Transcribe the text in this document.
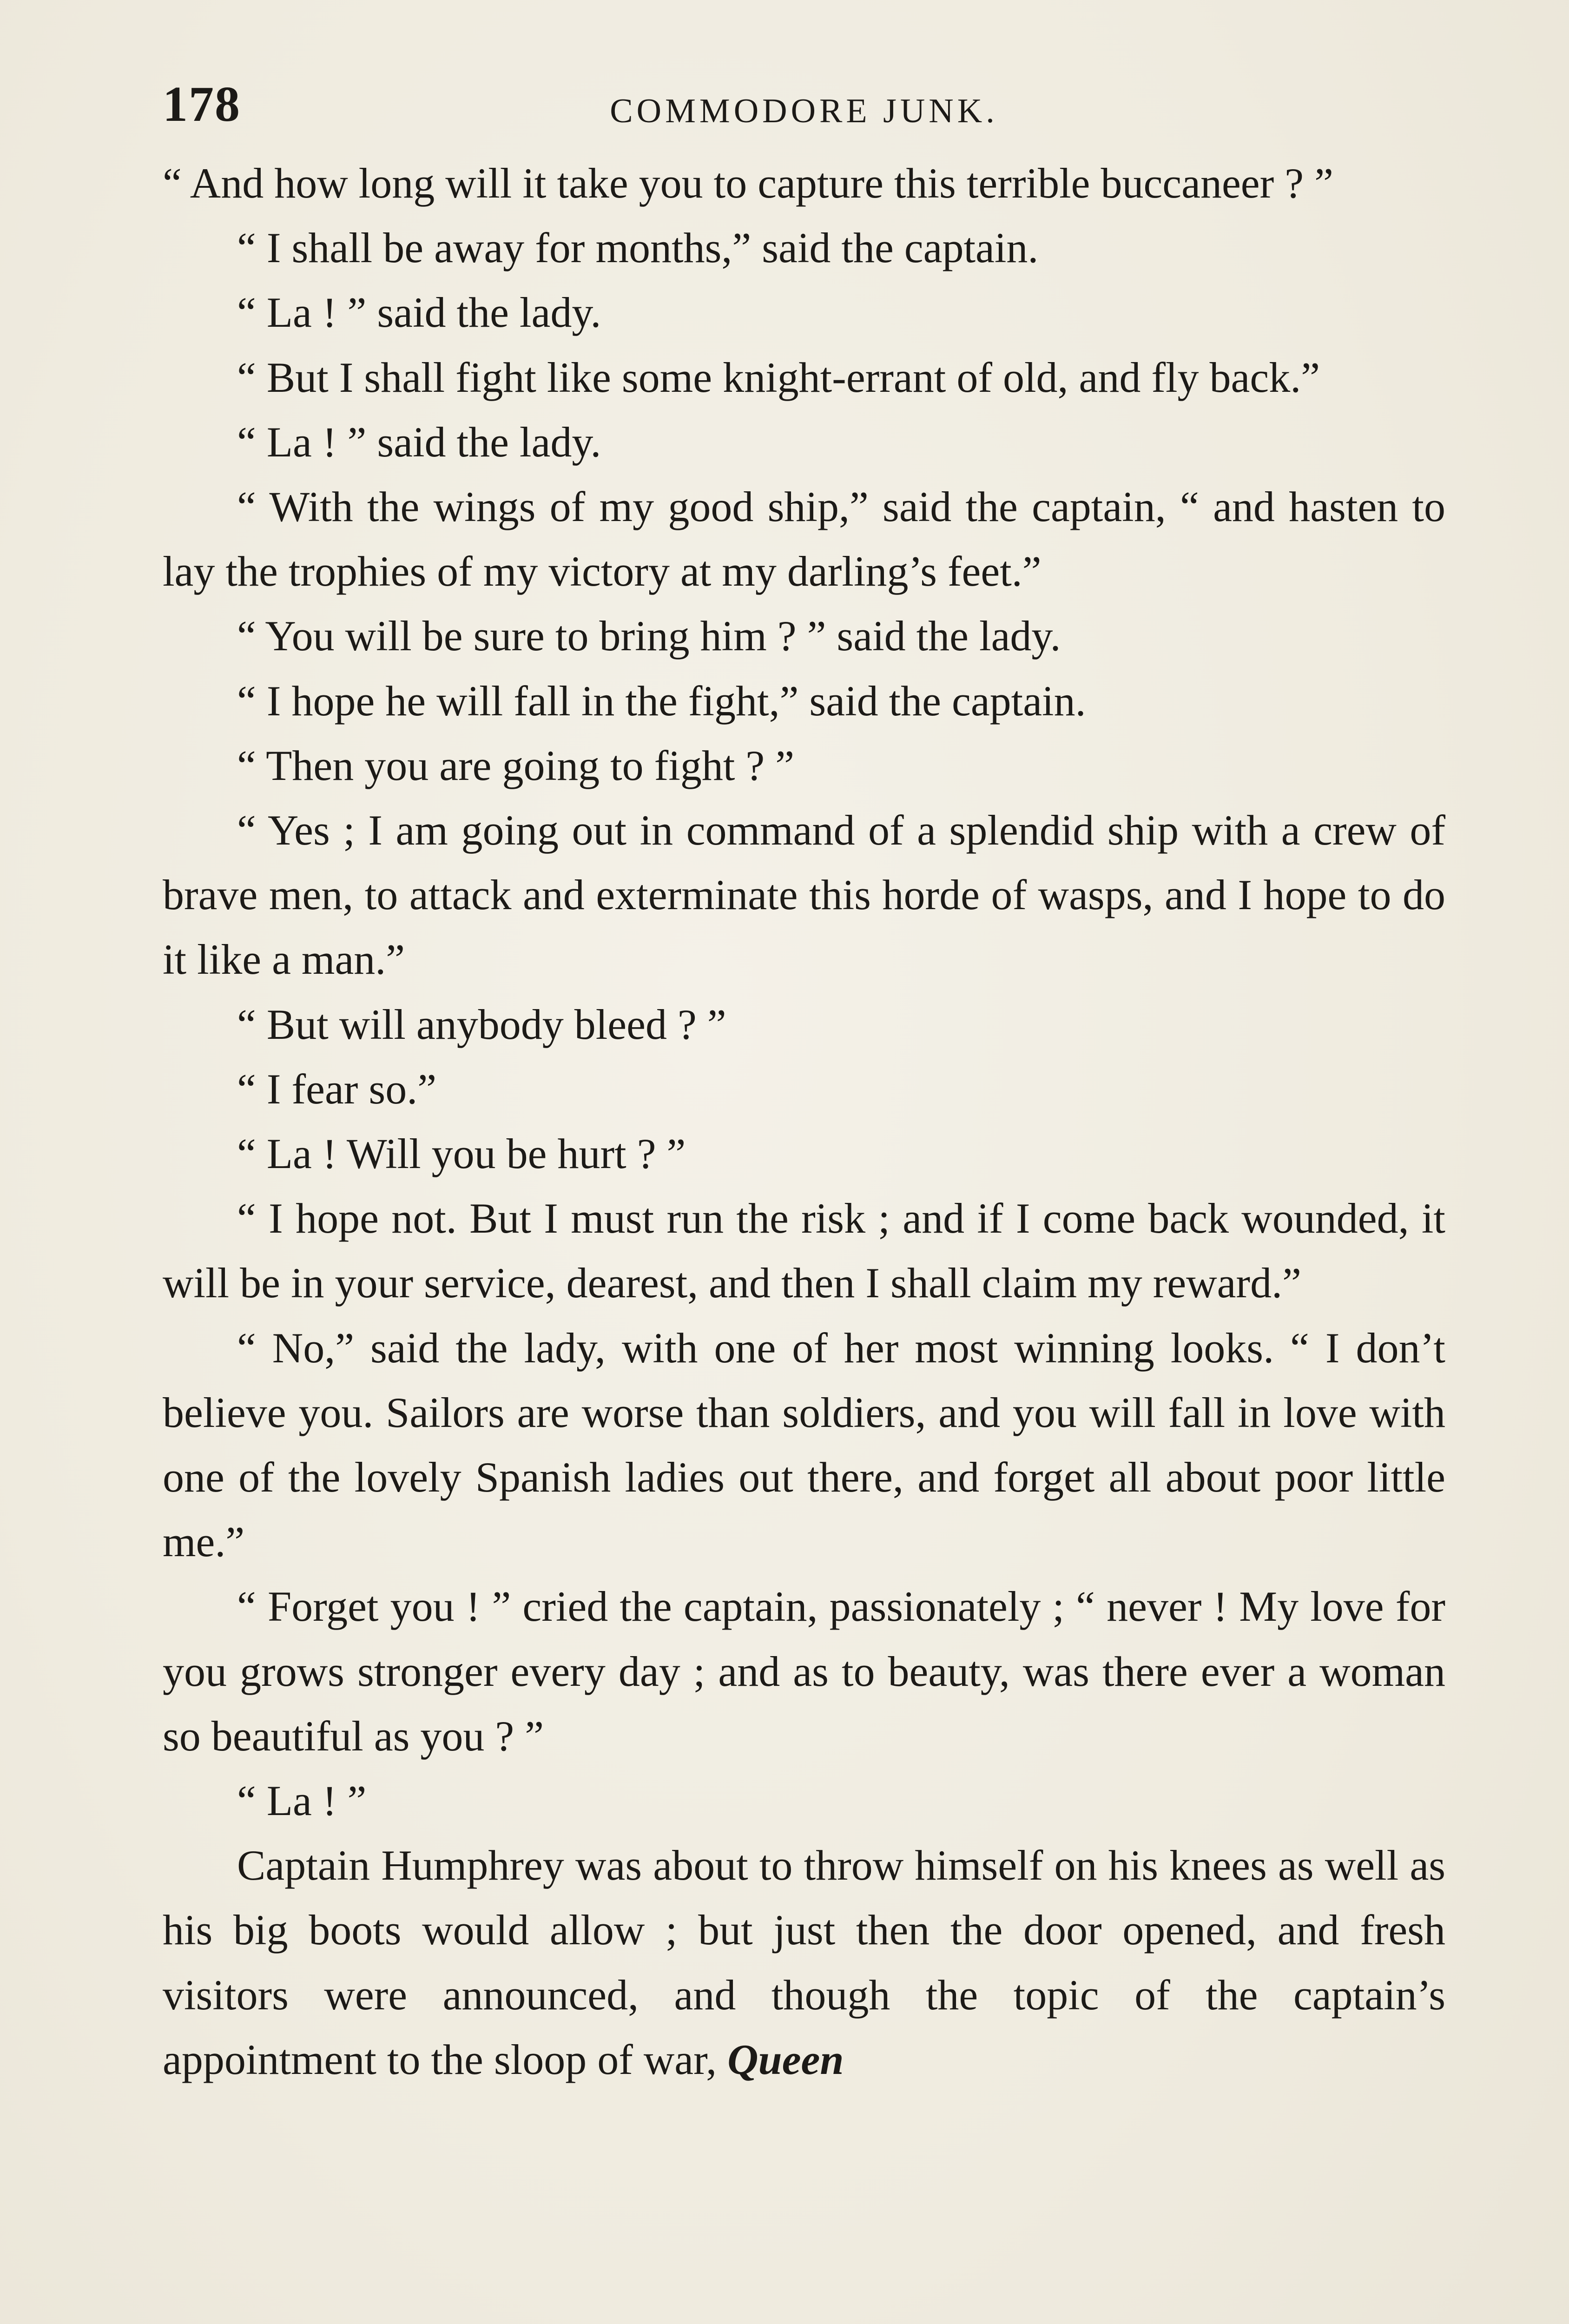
178	COMMODORE JUNK.

“ And how long will it take you to capture this terrible buccaneer ? ”

“ I shall be away for months,” said the captain.

“ La ! ” said the lady.

“ But I shall fight like some knight-errant of old, and fly back.”

“ La ! ” said the lady.

“ With the wings of my good ship,” said the captain, “ and hasten to lay the trophies of my victory at my darling’s feet.”

“ You will be sure to bring him ? ” said the lady.

“ I hope he will fall in the fight,” said the captain.

“ Then you are going to fight ? ”

“ Yes ; I am going out in command of a splendid ship with a crew of brave men, to attack and exterminate this horde of wasps, and I hope to do it like a man.”

“ But will anybody bleed ? ”

“ I fear so.”

“ La ! Will you be hurt ? ”

“ I hope not. But I must run the risk ; and if I come back wounded, it will be in your service, dearest, and then I shall claim my reward.”

“ No,” said the lady, with one of her most winning looks. “ I don’t believe you. Sailors are worse than soldiers, and you will fall in love with one of the lovely Spanish ladies out there, and forget all about poor little me.”

“ Forget you ! ” cried the captain, passionately ; “ never ! My love for you grows stronger every day ; and as to beauty, was there ever a woman so beautiful as you ? ”

“ La ! ”

Captain Humphrey was about to throw himself on his knees as well as his big boots would allow ; but just then the door opened, and fresh visitors were announced, and though the topic of the captain’s appointment to the sloop of war, Queen
